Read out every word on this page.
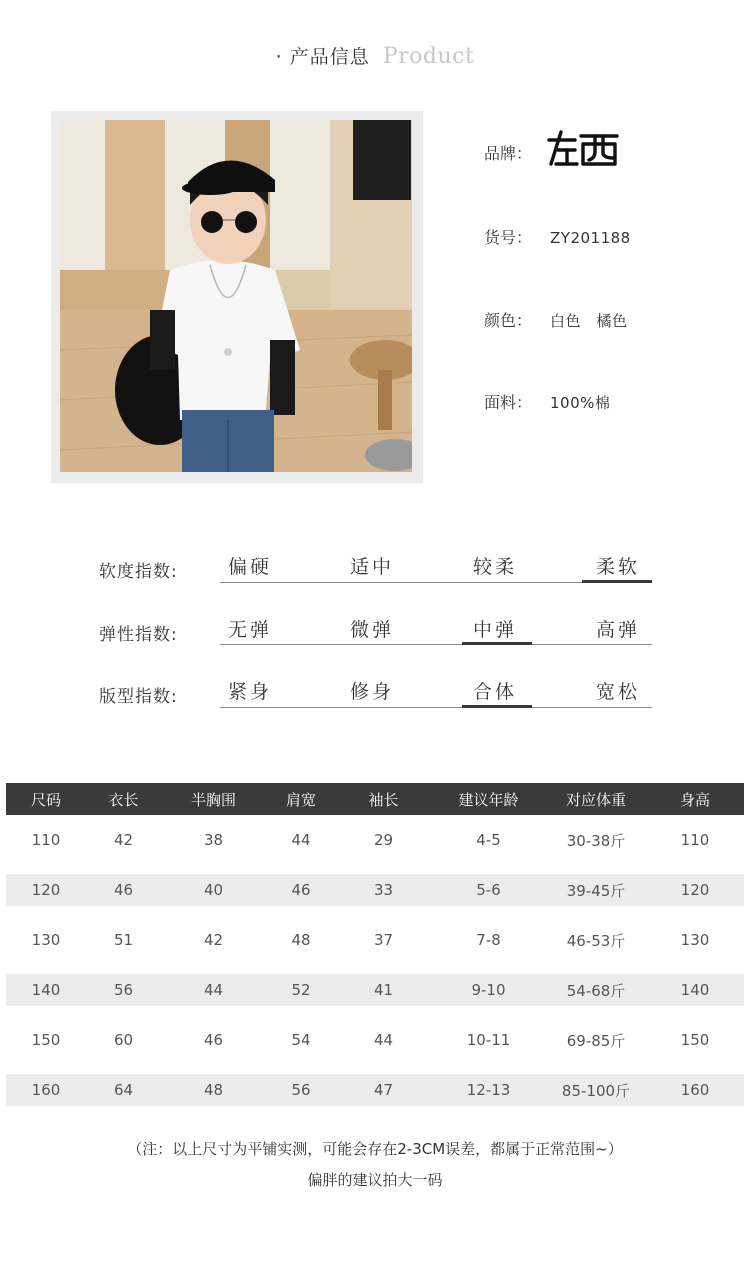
· 产品信息 Product
品牌：
货号： ZY201188
颜色： 白色　橘色
面料： 100%棉
软度指数:	偏硬	适中	较柔	柔软
弹性指数:	无弹	微弹	中弹	高弹
版型指数:	紧身	修身	合体	宽松
尺码	衣长	半胸围	肩宽	袖长	建议年龄	对应体重	身高
110	42	38	44	29	4-5	30-38斤	110
120	46	40	46	33	5-6	39-45斤	120
130	51	42	48	37	7-8	46-53斤	130
140	56	44	52	41	9-10	54-68斤	140
150	60	46	54	44	10-11	69-85斤	150
160	64	48	56	47	12-13	85-100斤	160
（注：以上尺寸为平铺实测，可能会存在2-3CM误差，都属于正常范围~）
偏胖的建议拍大一码
